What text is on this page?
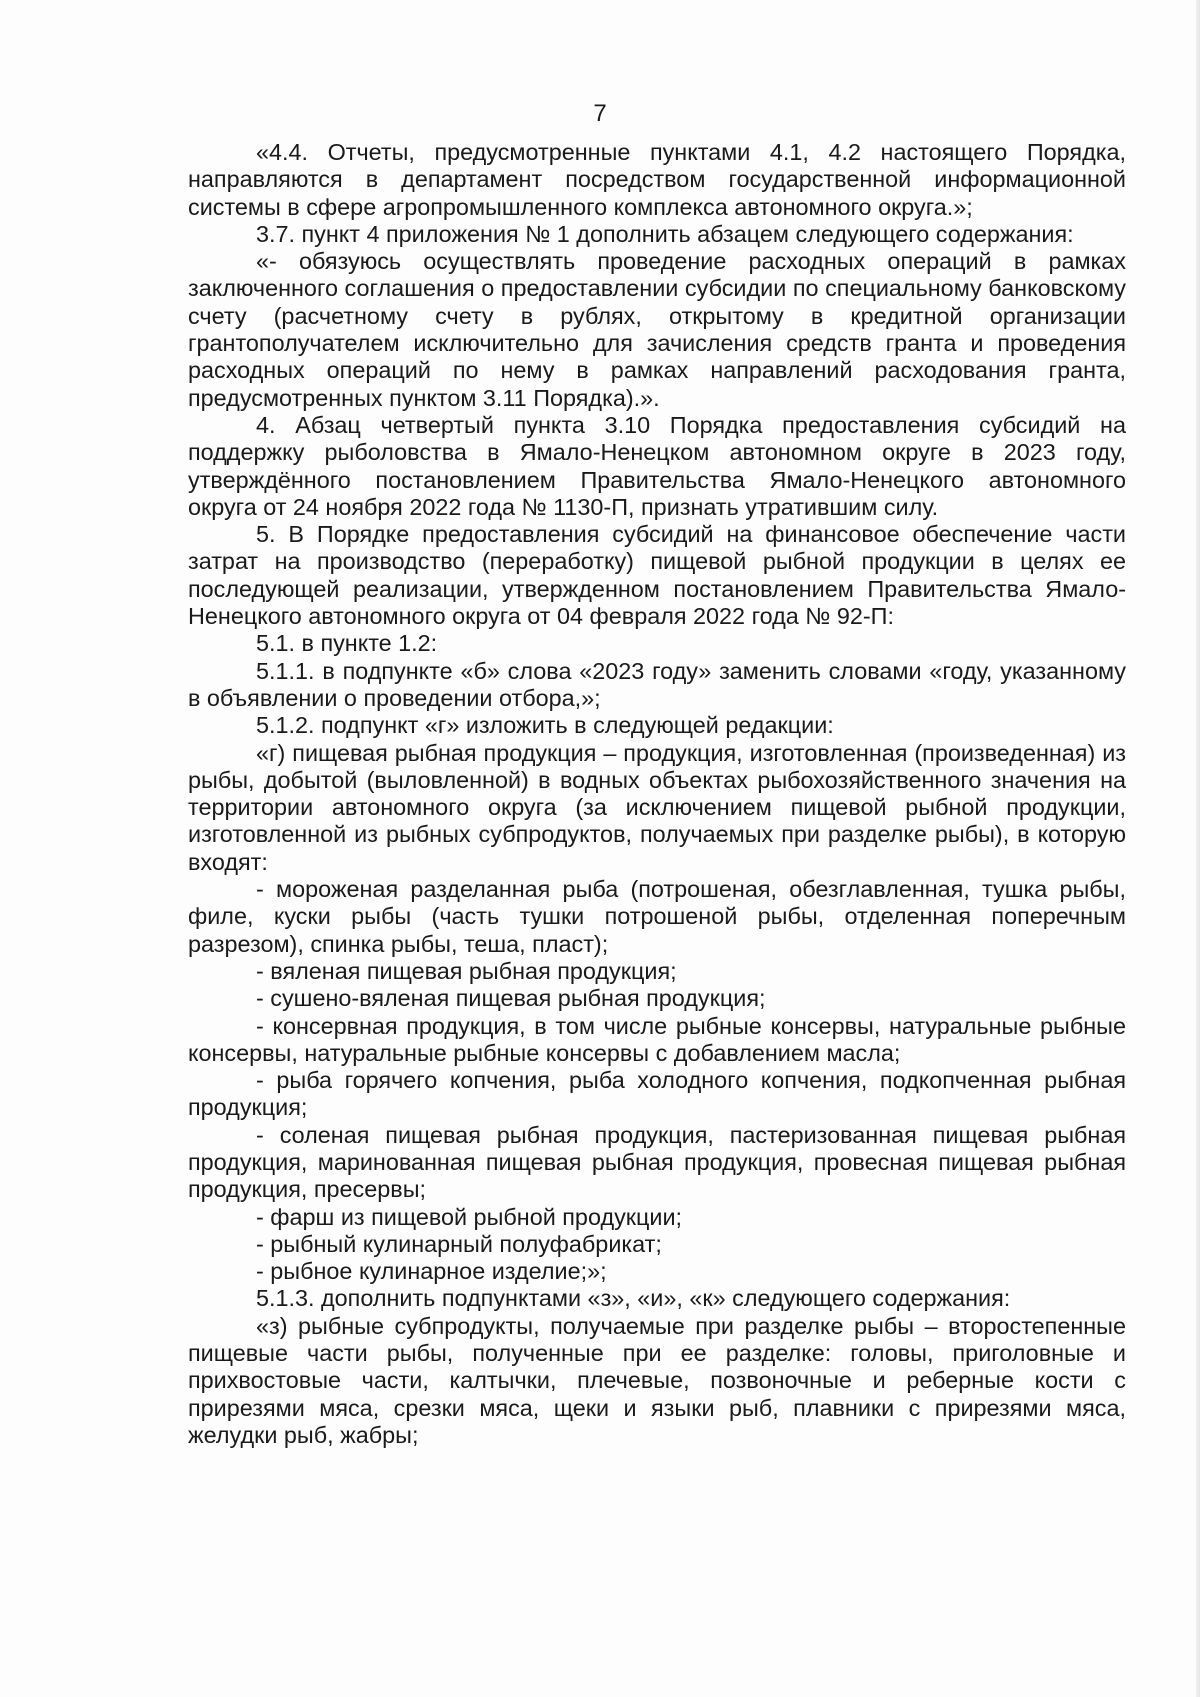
7

«4.4. Отчеты, предусмотренные пунктами 4.1, 4.2 настоящего Порядка, направляются в департамент посредством государственной информационной системы в сфере агропромышленного комплекса автономного округа.»;

3.7. пункт 4 приложения № 1 дополнить абзацем следующего содержания:

«- обязуюсь осуществлять проведение расходных операций в рамках заключенного соглашения о предоставлении субсидии по специальному банковскому счету (расчетному счету в рублях, открытому в кредитной организации грантополучателем исключительно для зачисления средств гранта и проведения расходных операций по нему в рамках направлений расходования гранта, предусмотренных пунктом 3.11 Порядка).».

4. Абзац четвертый пункта 3.10 Порядка предоставления субсидий на поддержку рыболовства в Ямало-Ненецком автономном округе в 2023 году, утверждённого постановлением Правительства Ямало-Ненецкого автономного округа от 24 ноября 2022 года № 1130-П, признать утратившим силу.

5. В Порядке предоставления субсидий на финансовое обеспечение части затрат на производство (переработку) пищевой рыбной продукции в целях ее последующей реализации, утвержденном постановлением Правительства Ямало-Ненецкого автономного округа от 04 февраля 2022 года № 92-П:

5.1. в пункте 1.2:

5.1.1. в подпункте «б» слова «2023 году» заменить словами «году, указанному в объявлении о проведении отбора,»;

5.1.2. подпункт «г» изложить в следующей редакции:

«г) пищевая рыбная продукция – продукция, изготовленная (произведенная) из рыбы, добытой (выловленной) в водных объектах рыбохозяйственного значения на территории автономного округа (за исключением пищевой рыбной продукции, изготовленной из рыбных субпродуктов, получаемых при разделке рыбы), в которую входят:

- мороженая разделанная рыба (потрошеная, обезглавленная, тушка рыбы, филе, куски рыбы (часть тушки потрошеной рыбы, отделенная поперечным разрезом), спинка рыбы, теша, пласт);

- вяленая пищевая рыбная продукция;

- сушено-вяленая пищевая рыбная продукция;

- консервная продукция, в том числе рыбные консервы, натуральные рыбные консервы, натуральные рыбные консервы с добавлением масла;

- рыба горячего копчения, рыба холодного копчения, подкопченная рыбная продукция;

- соленая пищевая рыбная продукция, пастеризованная пищевая рыбная продукция, маринованная пищевая рыбная продукция, провесная пищевая рыбная продукция, пресервы;

- фарш из пищевой рыбной продукции;

- рыбный кулинарный полуфабрикат;

- рыбное кулинарное изделие;»;

5.1.3. дополнить подпунктами «з», «и», «к» следующего содержания:

«з) рыбные субпродукты, получаемые при разделке рыбы – второстепенные пищевые части рыбы, полученные при ее разделке: головы, приголовные и прихвостовые части, калтычки, плечевые, позвоночные и реберные кости с прирезями мяса, срезки мяса, щеки и языки рыб, плавники с прирезями мяса, желудки рыб, жабры;
